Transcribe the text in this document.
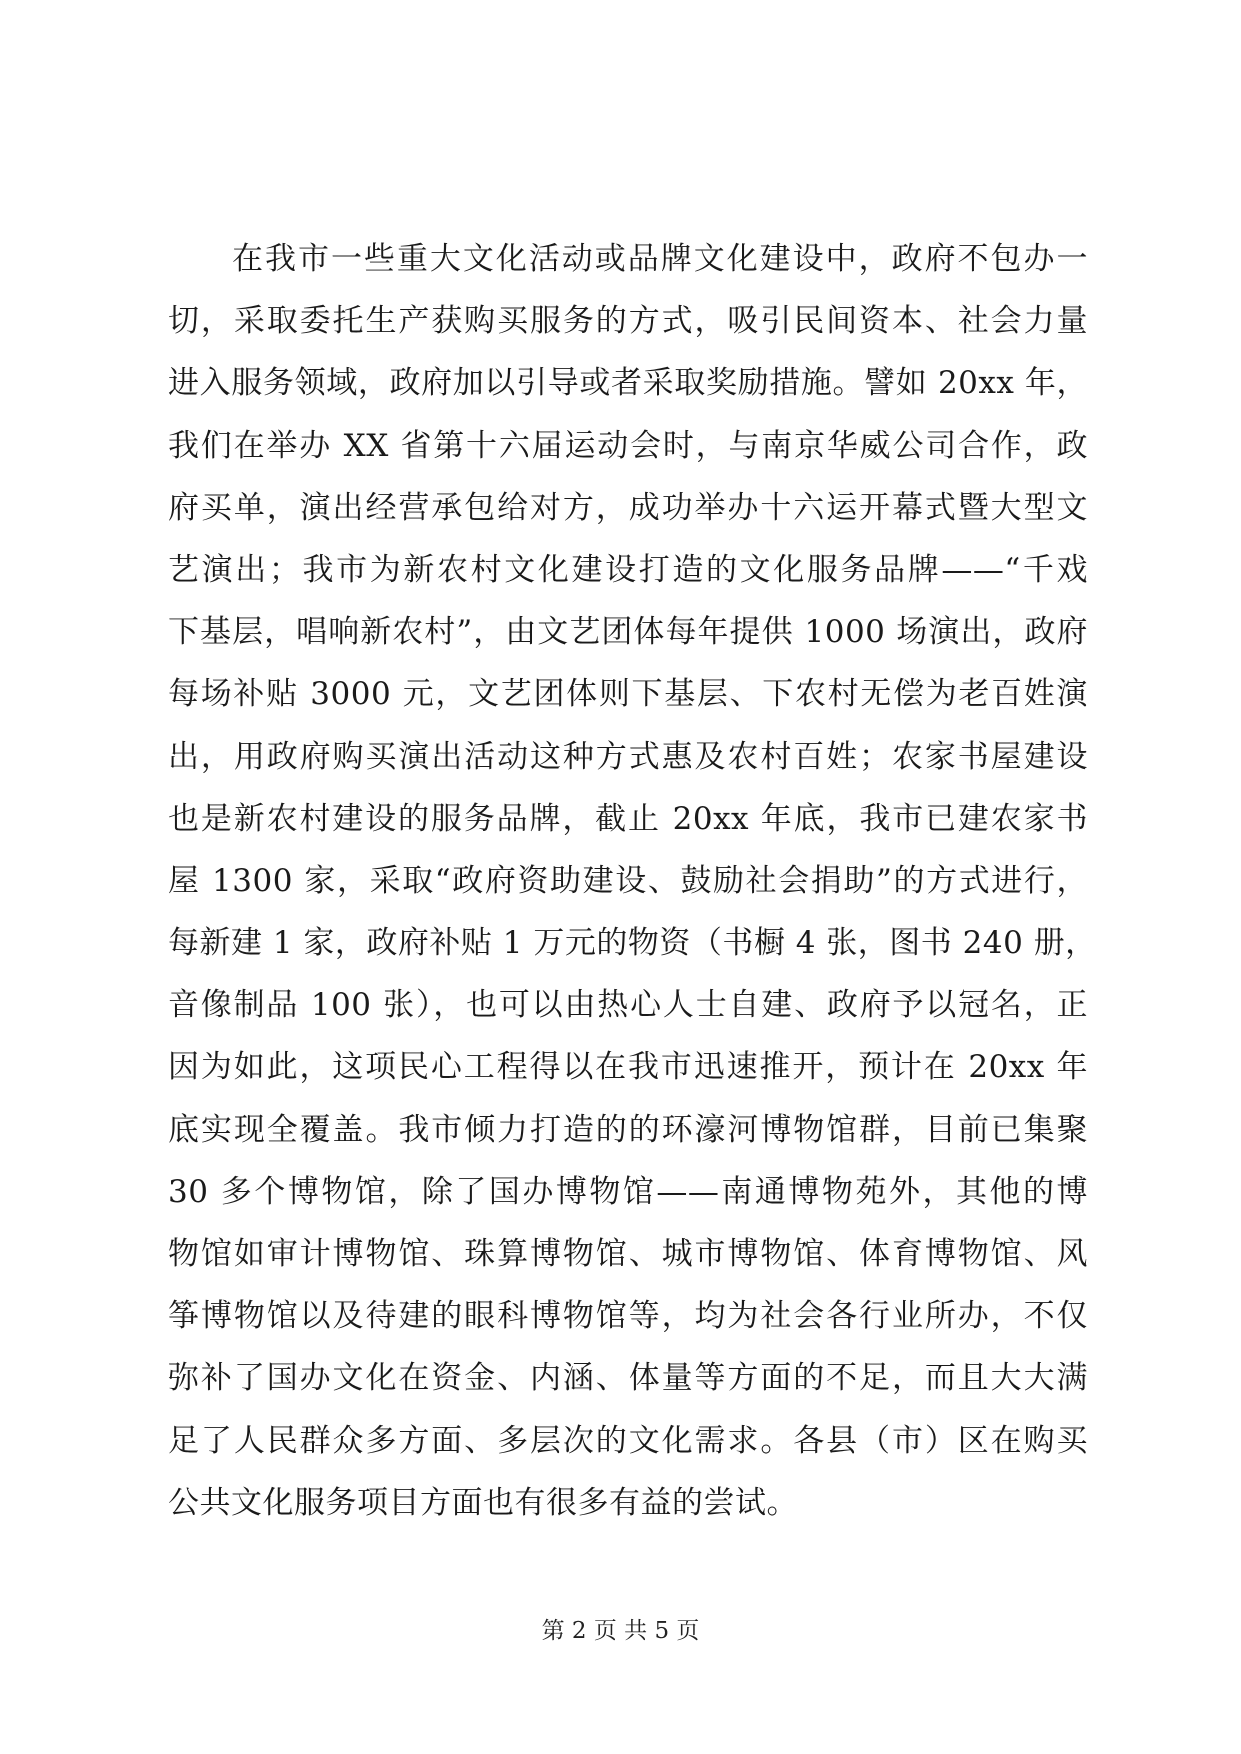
在我市一些重大文化活动或品牌文化建设中，政府不包办一
切，采取委托生产获购买服务的方式，吸引民间资本、社会力量
进入服务领域，政府加以引导或者采取奖励措施。譬如 20xx 年，
我们在举办 XX 省第十六届运动会时，与南京华威公司合作，政
府买单，演出经营承包给对方，成功举办十六运开幕式暨大型文
艺演出；我市为新农村文化建设打造的文化服务品牌——“千戏
下基层，唱响新农村”，由文艺团体每年提供 1000 场演出，政府
每场补贴 3000 元，文艺团体则下基层、下农村无偿为老百姓演
出，用政府购买演出活动这种方式惠及农村百姓；农家书屋建设
也是新农村建设的服务品牌，截止 20xx 年底，我市已建农家书
屋 1300 家，采取“政府资助建设、鼓励社会捐助”的方式进行，
每新建 1 家，政府补贴 1 万元的物资（书橱 4 张，图书 240 册，
音像制品 100 张），也可以由热心人士自建、政府予以冠名，正
因为如此，这项民心工程得以在我市迅速推开，预计在 20xx 年
底实现全覆盖。我市倾力打造的的环濠河博物馆群，目前已集聚
30 多个博物馆，除了国办博物馆——南通博物苑外，其他的博
物馆如审计博物馆、珠算博物馆、城市博物馆、体育博物馆、风
筝博物馆以及待建的眼科博物馆等，均为社会各行业所办，不仅
弥补了国办文化在资金、内涵、体量等方面的不足，而且大大满
足了人民群众多方面、多层次的文化需求。各县（市）区在购买
公共文化服务项目方面也有很多有益的尝试。
第 2 页 共 5 页
